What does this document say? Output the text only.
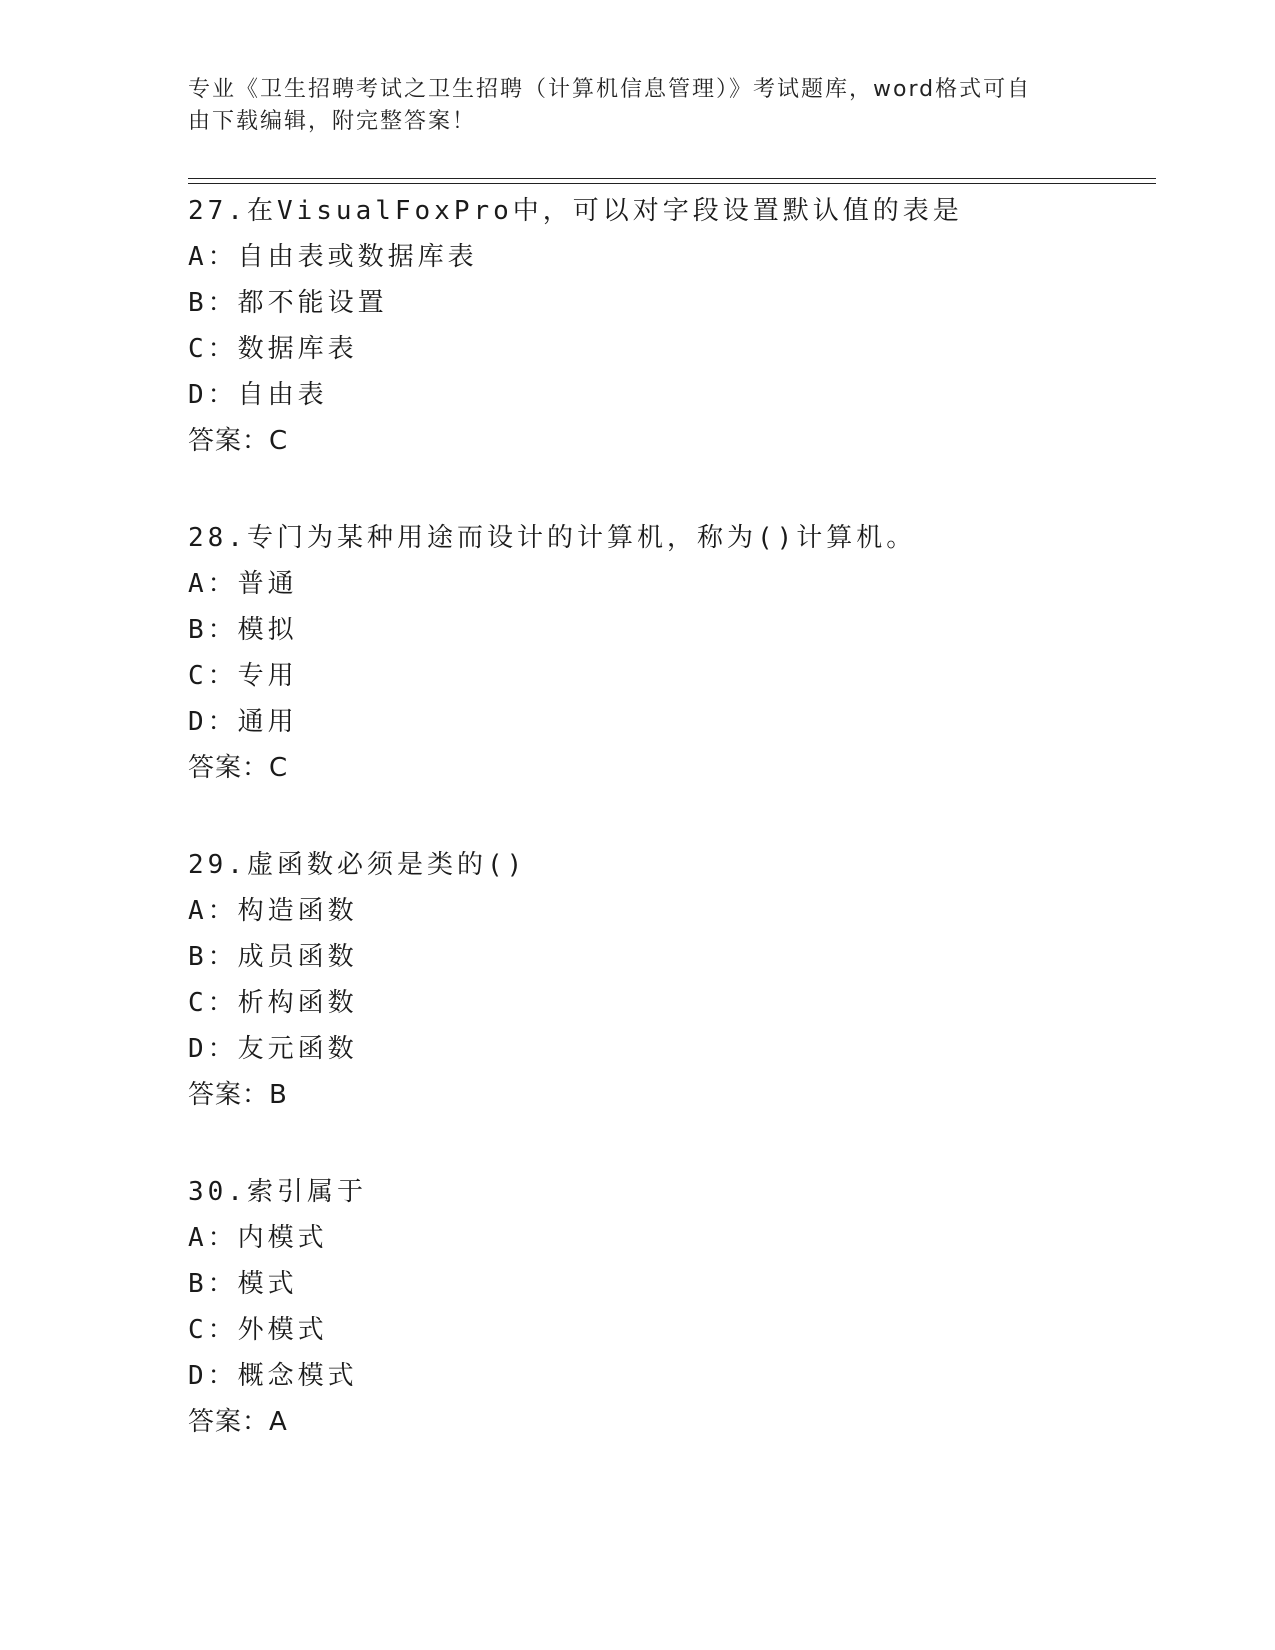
专业《卫生招聘考试之卫生招聘（计算机信息管理）》考试题库，word格式可自
由下载编辑，附完整答案！
27.在VisualFoxPro中，可以对字段设置默认值的表是
A：自由表或数据库表
B：都不能设置
C：数据库表
D：自由表
答案：C
28.专门为某种用途而设计的计算机，称为()计算机。
A：普通
B：模拟
C：专用
D：通用
答案：C
29.虚函数必须是类的()
A：构造函数
B：成员函数
C：析构函数
D：友元函数
答案：B
30.索引属于
A：内模式
B：模式
C：外模式
D：概念模式
答案：A
